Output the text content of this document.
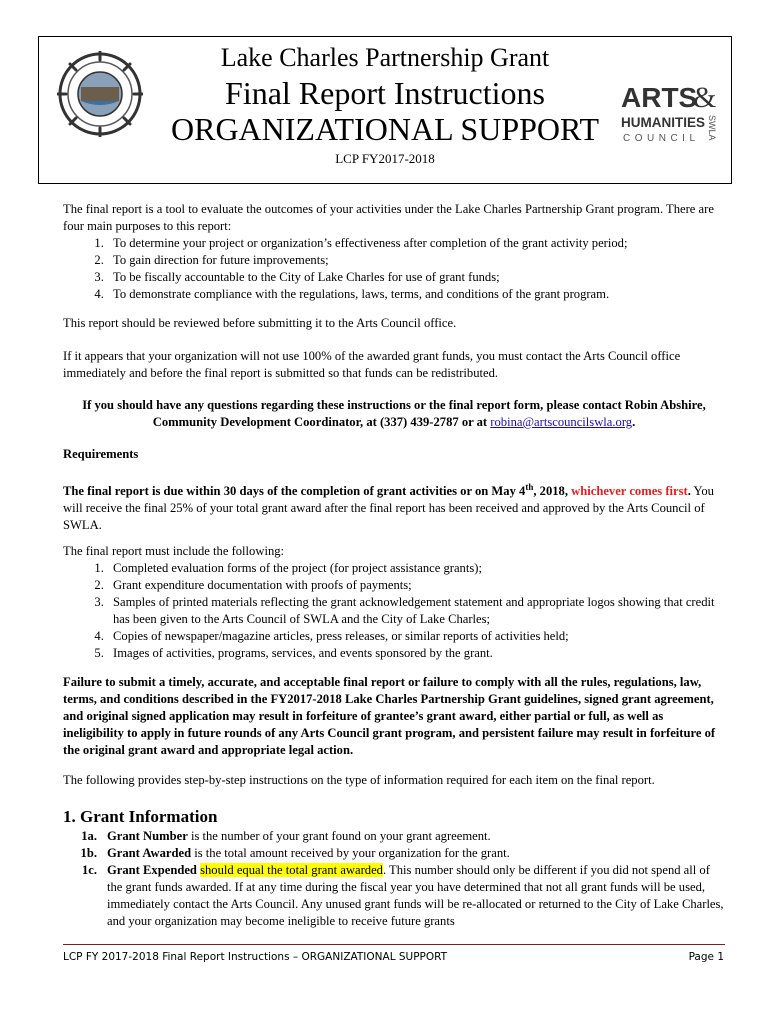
Lake Charles Partnership Grant
Final Report Instructions
ORGANIZATIONAL SUPPORT
LCP FY2017-2018
ARTS
&
HUMANITIES
COUNCIL SWLA

The final report is a tool to evaluate the outcomes of your activities under the Lake Charles Partnership Grant program. There are four main purposes to this report:

1. To determine your project or organization’s effectiveness after completion of the grant activity period;
2. To gain direction for future improvements;
3. To be fiscally accountable to the City of Lake Charles for use of grant funds;
4. To demonstrate compliance with the regulations, laws, terms, and conditions of the grant program.
This report should be reviewed before submitting it to the Arts Council office.
If it appears that your organization will not use 100% of the awarded grant funds, you must contact the Arts Council office immediately and before the final report is submitted so that funds can be redistributed.
If you should have any questions regarding these instructions or the final report form, please contact Robin Abshire, Community Development Coordinator, at (337) 439-2787 or at robina@artscouncilswla.org.
Requirements
The final report is due within 30 days of the completion of grant activities or on May 4th, 2018, whichever comes first. You will receive the final 25% of your total grant award after the final report has been received and approved by the Arts Council of SWLA.

The final report must include the following:

1. Completed evaluation forms of the project (for project assistance grants);
2. Grant expenditure documentation with proofs of payments;
3. Samples of printed materials reflecting the grant acknowledgement statement and appropriate logos showing that credit has been given to the Arts Council of SWLA and the City of Lake Charles;
4. Copies of newspaper/magazine articles, press releases, or similar reports of activities held;
5. Images of activities, programs, services, and events sponsored by the grant.
Failure to submit a timely, accurate, and acceptable final report or failure to comply with all the rules, regulations, law, terms, and conditions described in the FY2017-2018 Lake Charles Partnership Grant guidelines, signed grant agreement, and original signed application may result in forfeiture of grantee’s grant award, either partial or full, as well as ineligibility to apply in future rounds of any Arts Council grant program, and persistent failure may result in forfeiture of the original grant award and appropriate legal action.
The following provides step-by-step instructions on the type of information required for each item on the final report.
1. Grant Information
1a. Grant Number is the number of your grant found on your grant agreement.
1b. Grant Awarded is the total amount received by your organization for the grant.
1c. Grant Expended should equal the total grant awarded. This number should only be different if you did not spend all of the grant funds awarded. If at any time during the fiscal year you have determined that not all grant funds will be used, immediately contact the Arts Council. Any unused grant funds will be re-allocated or returned to the City of Lake Charles, and your organization may become ineligible to receive future grants
LCP FY 2017-2018 Final Report Instructions – ORGANIZATIONAL SUPPORT	Page 1
